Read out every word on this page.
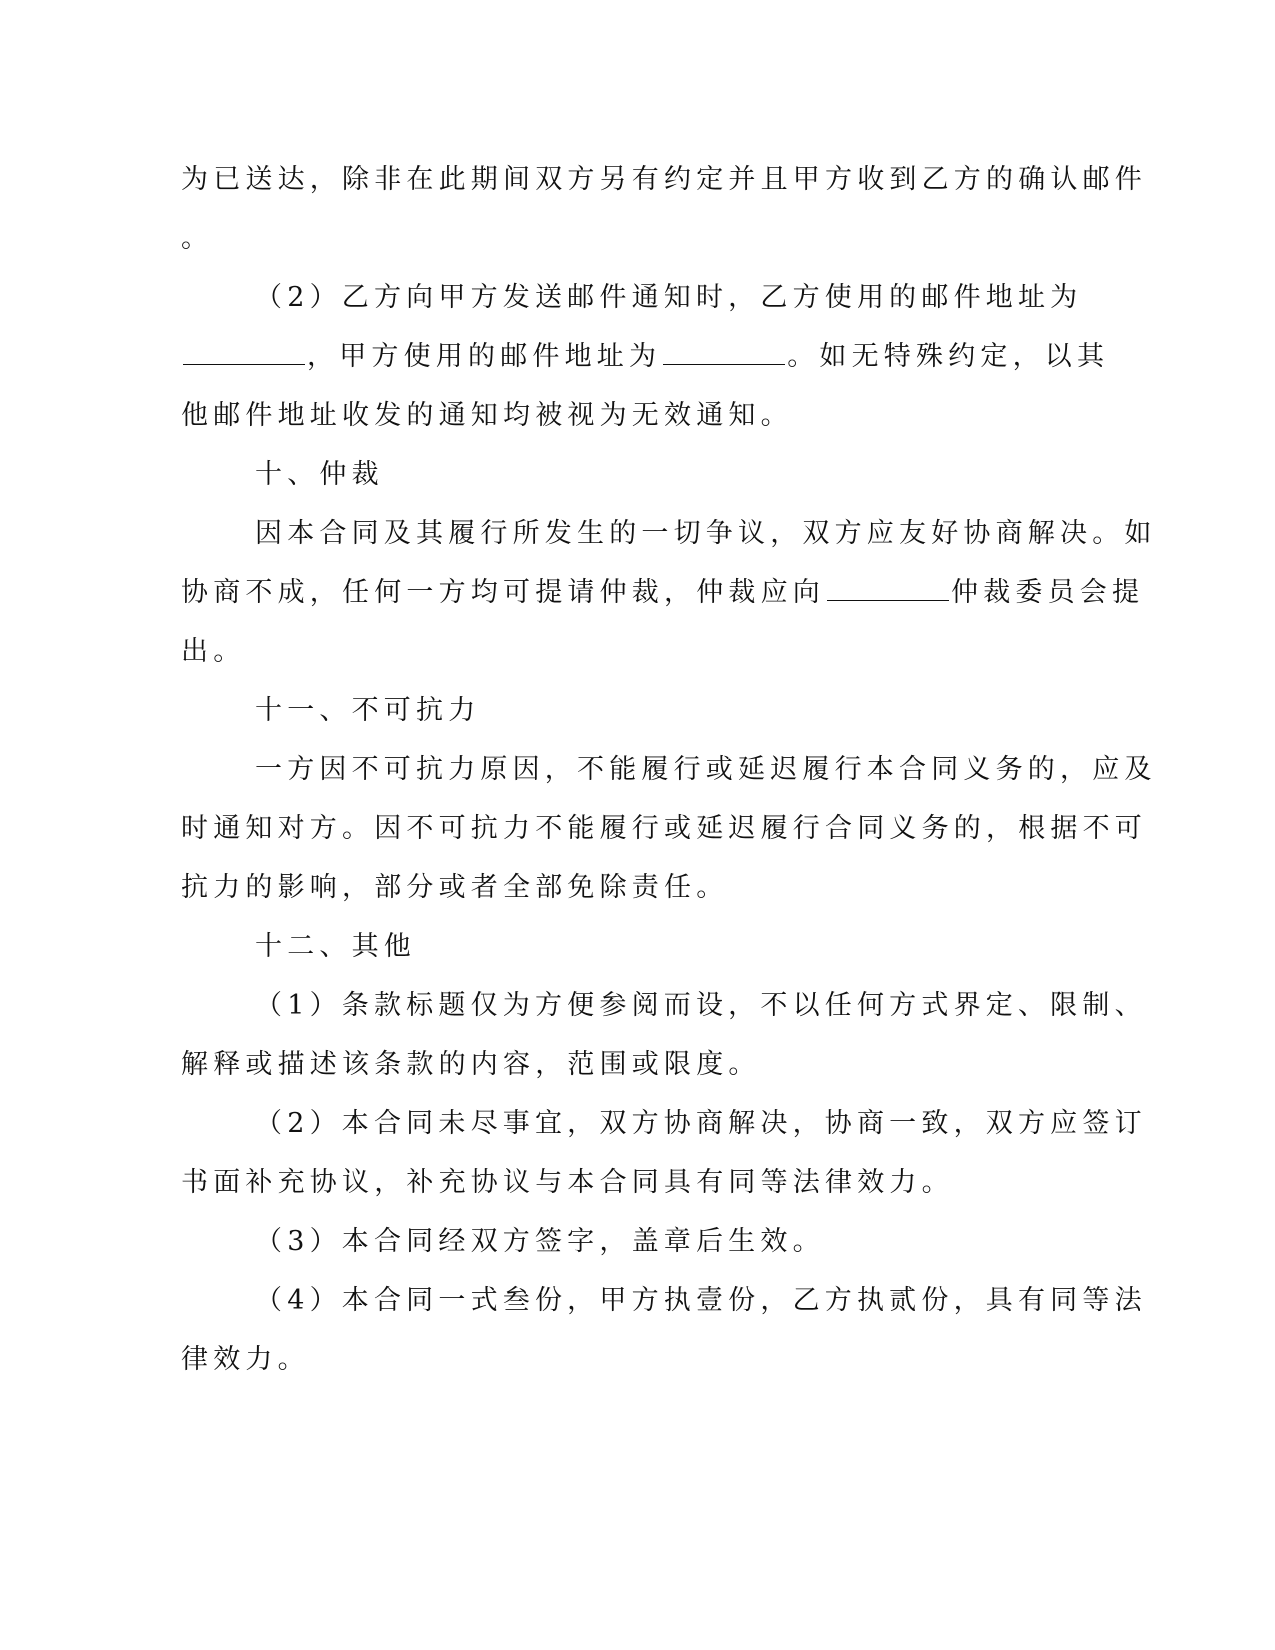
为已送达，除非在此期间双方另有约定并且甲方收到乙方的确认邮件
。
（2）乙方向甲方发送邮件通知时，乙方使用的邮件地址为
，甲方使用的邮件地址为	。如无特殊约定，以其
他邮件地址收发的通知均被视为无效通知。
十、仲裁
因本合同及其履行所发生的一切争议，双方应友好协商解决。如
协商不成，任何一方均可提请仲裁，仲裁应向	仲裁委员会提
出。
十一、不可抗力
一方因不可抗力原因，不能履行或延迟履行本合同义务的，应及
时通知对方。因不可抗力不能履行或延迟履行合同义务的，根据不可
抗力的影响，部分或者全部免除责任。
十二、其他
（1）条款标题仅为方便参阅而设，不以任何方式界定、限制、
解释或描述该条款的内容，范围或限度。
（2）本合同未尽事宜，双方协商解决，协商一致，双方应签订
书面补充协议，补充协议与本合同具有同等法律效力。
（3）本合同经双方签字，盖章后生效。
（4）本合同一式叁份，甲方执壹份，乙方执贰份，具有同等法
律效力。
